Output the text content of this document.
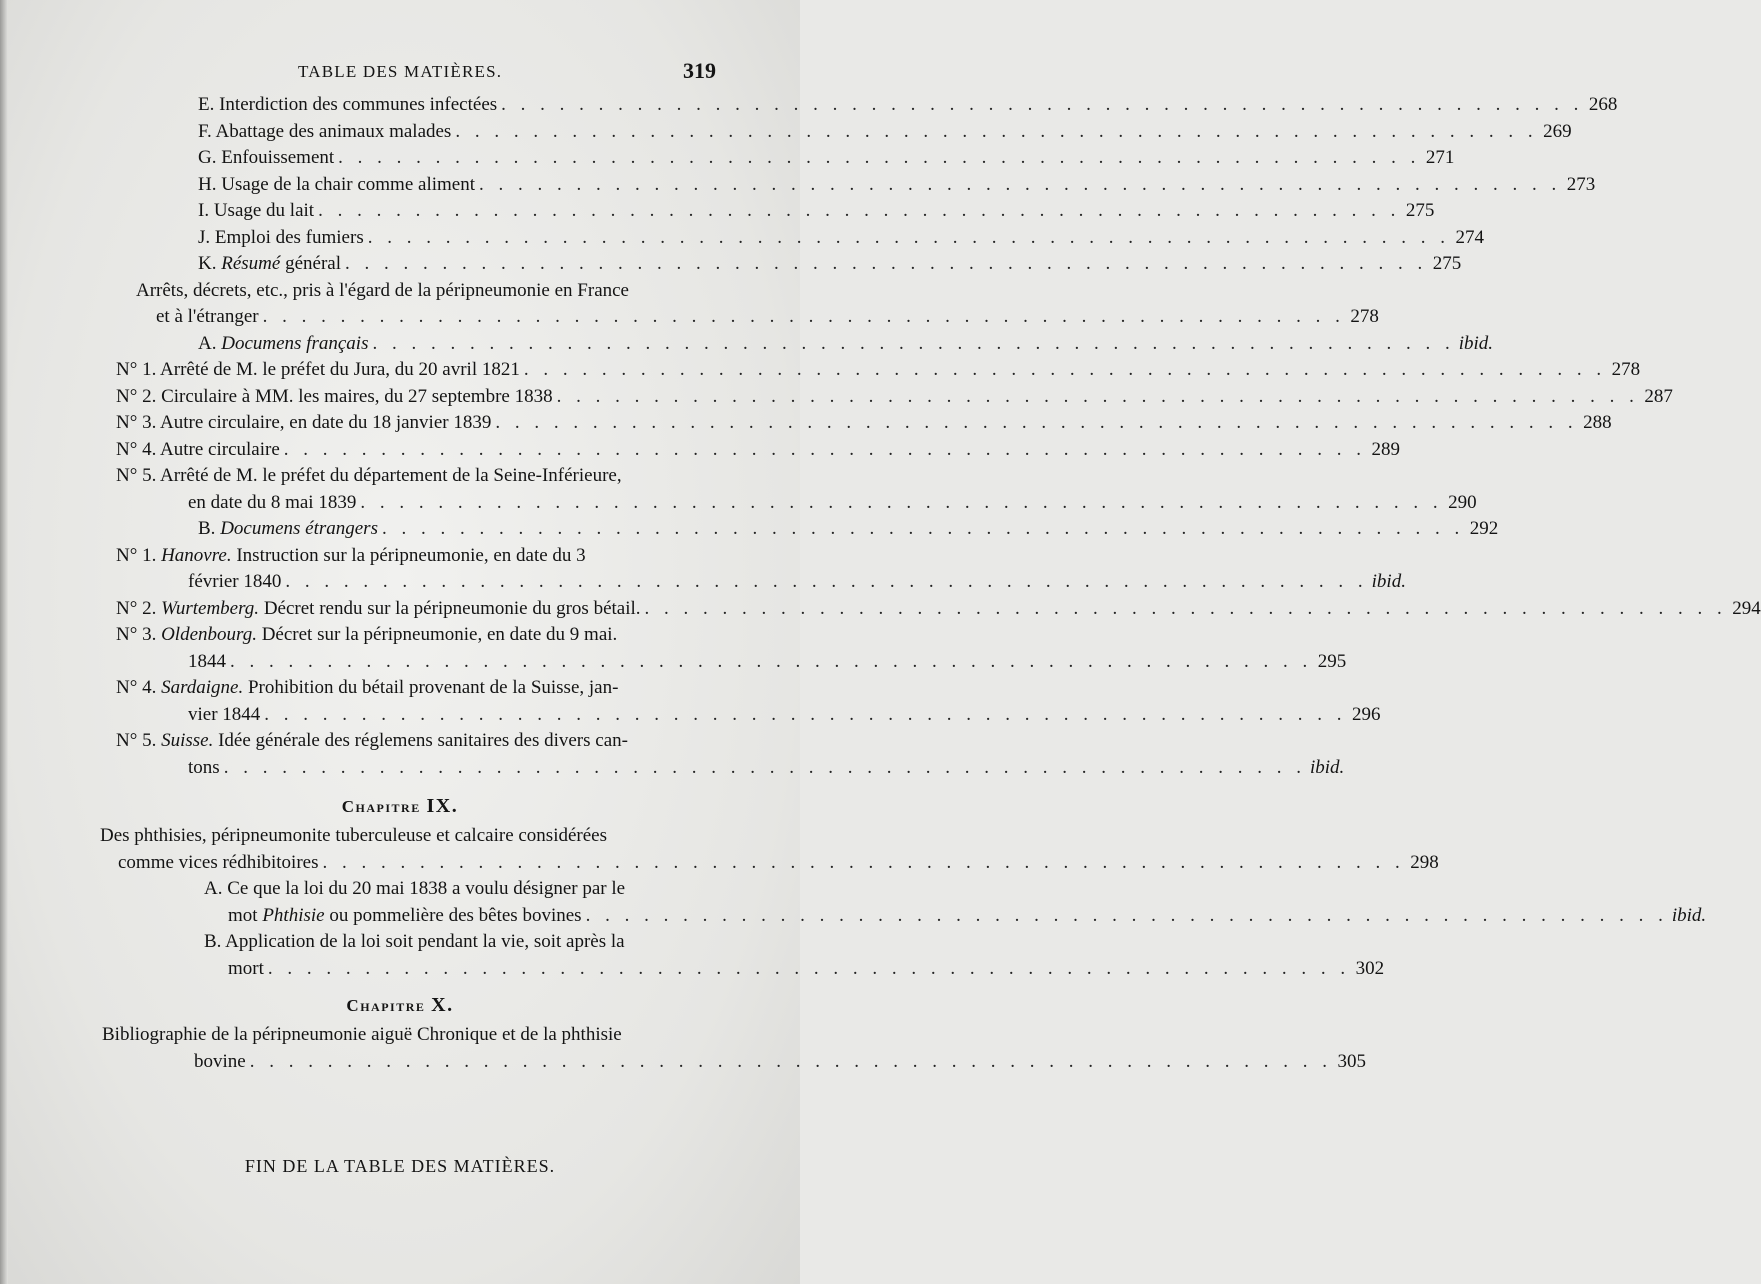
TABLE DES MATIÈRES.	319
E. Interdiction des communes infectées . . .	268
F. Abattage des animaux malades . . .	269
G. Enfouissement . . .	271
H. Usage de la chair comme aliment . . .	273
I. Usage du lait . . .	275
J. Emploi des fumiers . . .	274
K. Résumé général . . .	275
Arrêts, décrets, etc., pris à l'égard de la péripneumonie en France
et à l'étranger . . .	278
A. Documens français . . .	ibid.
N° 1. Arrêté de M. le préfet du Jura, du 20 avril 1821 . . .	278
N° 2. Circulaire à MM. les maires, du 27 septembre 1838 . . .	287
N° 3. Autre circulaire, en date du 18 janvier 1839 . . .	288
N° 4. Autre circulaire . . .	289
N° 5. Arrêté de M. le préfet du département de la Seine-Inférieure,
en date du 8 mai 1839 . . .	290
B. Documens étrangers . . .	292
N° 1. Hanovre. Instruction sur la péripneumonie, en date du 3
février 1840 . . .	ibid.
N° 2. Wurtemberg. Décret rendu sur la péripneumonie du gros bétail. . . .	294
N° 3. Oldenbourg. Décret sur la péripneumonie, en date du 9 mai.
1844 . . .	295
N° 4. Sardaigne. Prohibition du bétail provenant de la Suisse, jan-
vier 1844 . . .	296
N° 5. Suisse. Idée générale des réglemens sanitaires des divers can-
tons . . .	ibid.
Chapitre IX.
Des phthisies, péripneumonite tuberculeuse et calcaire considérées
comme vices rédhibitoires . . .	298
A. Ce que la loi du 20 mai 1838 a voulu désigner par le
mot Phthisie ou pommelière des bêtes bovines . . .	ibid.
B. Application de la loi soit pendant la vie, soit après la
mort . . .	302
Chapitre X.
Bibliographie de la péripneumonie aiguë Chronique et de la phthisie
bovine . . .	305
FIN DE LA TABLE DES MATIÈRES.
